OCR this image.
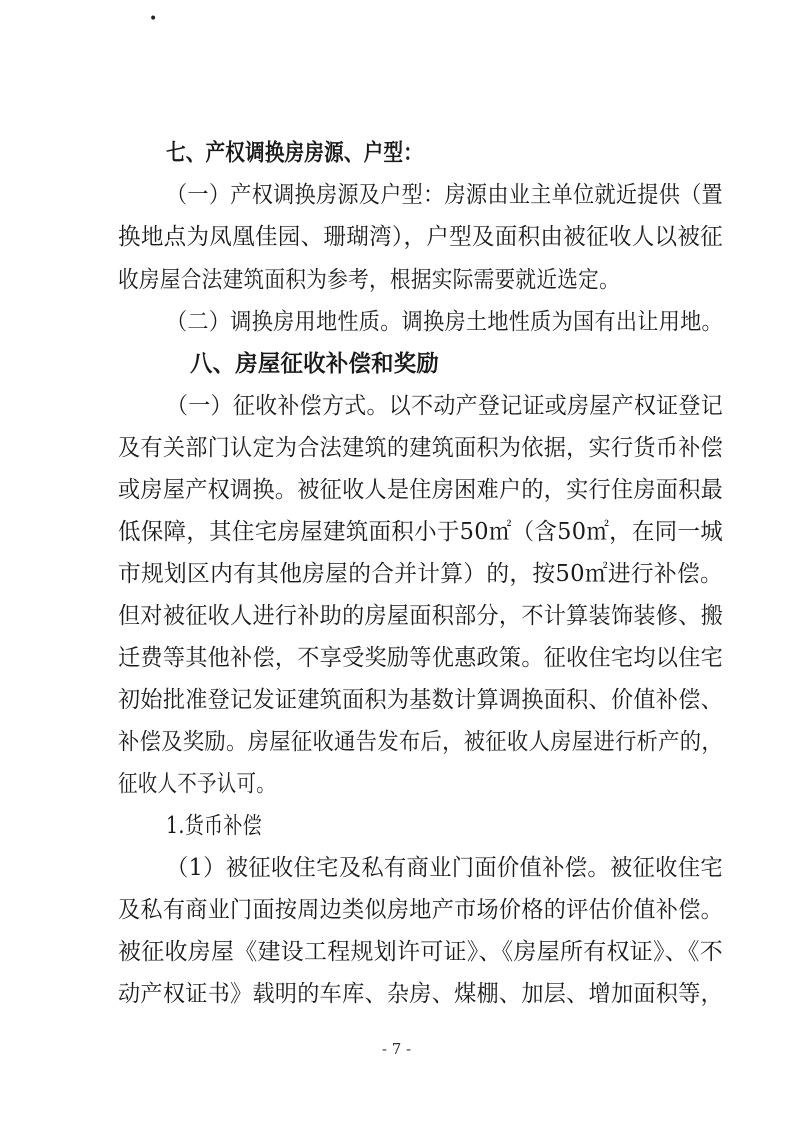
•
七、产权调换房房源、户型：
（一）产权调换房源及户型：房源由业主单位就近提供（置
换地点为凤凰佳园、珊瑚湾），户型及面积由被征收人以被征
收房屋合法建筑面积为参考，根据实际需要就近选定。
（二）调换房用地性质。调换房土地性质为国有出让用地。
八、房屋征收补偿和奖励
（一）征收补偿方式。以不动产登记证或房屋产权证登记
及有关部门认定为合法建筑的建筑面积为依据，实行货币补偿
或房屋产权调换。被征收人是住房困难户的，实行住房面积最
低保障，其住宅房屋建筑面积小于50㎡（含50㎡，在同一城
市规划区内有其他房屋的合并计算）的，按50㎡进行补偿。
但对被征收人进行补助的房屋面积部分，不计算装饰装修、搬
迁费等其他补偿，不享受奖励等优惠政策。征收住宅均以住宅
初始批准登记发证建筑面积为基数计算调换面积、价值补偿、
补偿及奖励。房屋征收通告发布后，被征收人房屋进行析产的，
征收人不予认可。
1.货币补偿
（1）被征收住宅及私有商业门面价值补偿。被征收住宅
及私有商业门面按周边类似房地产市场价格的评估价值补偿。
被征收房屋《建设工程规划许可证》、《房屋所有权证》、《不
动产权证书》载明的车库、杂房、煤棚、加层、增加面积等，
- 7 -
